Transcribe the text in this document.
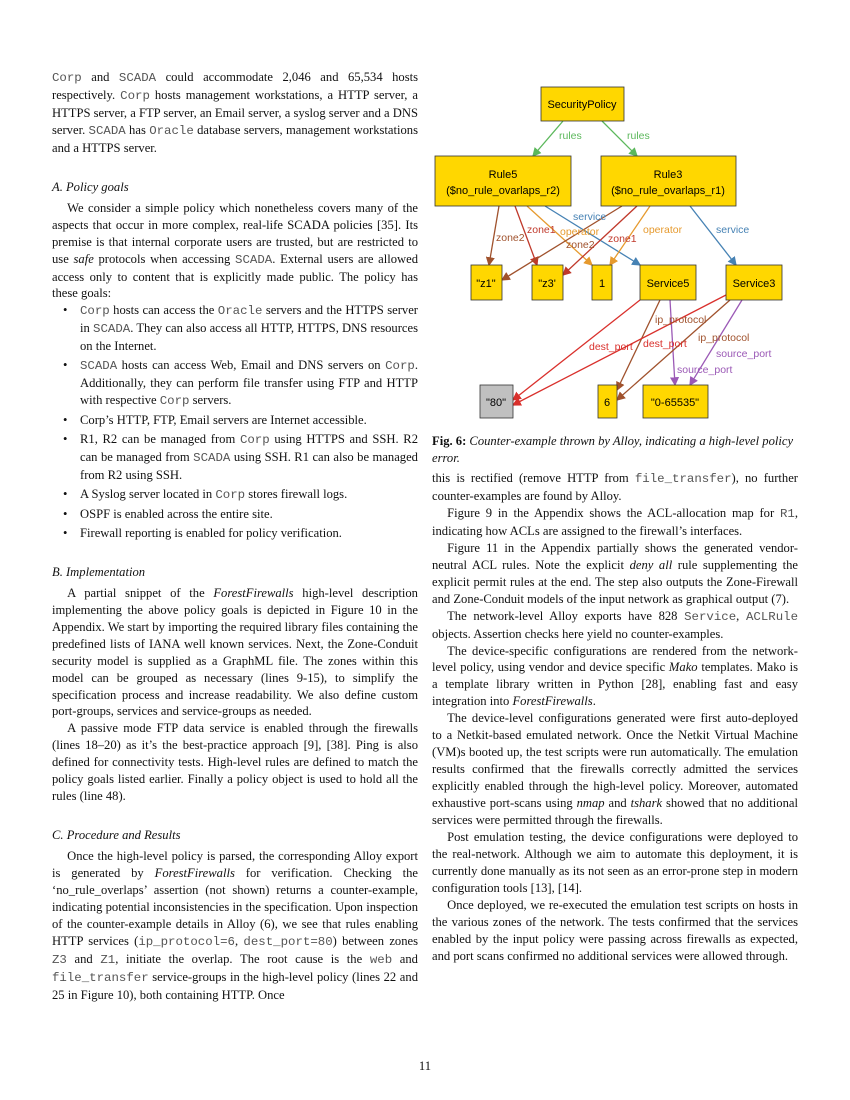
Corp and SCADA could accommodate 2,046 and 65,534 hosts respectively. Corp hosts management workstations, a HTTP server, a HTTPS server, a FTP server, an Email server, a syslog server and a DNS server. SCADA has Oracle database servers, management workstations and a HTTPS server.
A. Policy goals
We consider a simple policy which nonetheless covers many of the aspects that occur in more complex, real-life SCADA policies [35]. Its premise is that internal corporate users are trusted, but are restricted to use safe protocols when accessing SCADA. External users are allowed access only to content that is explicitly made public. The policy has these goals:
• Corp hosts can access the Oracle servers and the HTTPS server in SCADA. They can also access all HTTP, HTTPS, DNS resources on the Internet.
• SCADA hosts can access Web, Email and DNS servers on Corp. Additionally, they can perform file transfer using FTP and HTTP with respective Corp servers.
• Corp’s HTTP, FTP, Email servers are Internet accessible.
• R1, R2 can be managed from Corp using HTTPS and SSH. R2 can be managed from SCADA using SSH. R1 can also be managed from R2 using SSH.
• A Syslog server located in Corp stores firewall logs.
• OSPF is enabled across the entire site.
• Firewall reporting is enabled for policy verification.
B. Implementation
A partial snippet of the ForestFirewalls high-level description implementing the above policy goals is depicted in Figure 10 in the Appendix. We start by importing the required library files containing the predefined lists of IANA well known services. Next, the Zone-Conduit security model is supplied as a GraphML file. The zones within this model can be grouped as necessary (lines 9-15), to simplify the specification process and increase readability. We also define custom port-groups, services and service-groups as needed.
A passive mode FTP data service is enabled through the firewalls (lines 18–20) as it’s the best-practice approach [9], [38]. Ping is also defined for connectivity tests. High-level rules are defined to match the policy goals listed earlier. Finally a policy object is used to hold all the rules (line 48).
C. Procedure and Results
Once the high-level policy is parsed, the corresponding Alloy export is generated by ForestFirewalls for verification. Checking the ‘no_rule_overlaps’ assertion (not shown) returns a counter-example, indicating potential inconsistencies in the specification. Upon inspection of the counter-example details in Alloy (6), we see that rules enabling HTTP services (ip_protocol=6, dest_port=80) between zones Z3 and Z1, initiate the overlap. The root cause is the web and file_transfer service-groups in the high-level policy (lines 22 and 25 in Figure 10), both containing HTTP. Once
rules	rules
service
zone1 operator
zone2
zone2 zone1
operator	service
ip_protocol
ip_protocol
dest_port dest_port
source_port
source_port
SecurityPolicy
Rule5
($no_rule_ovarlaps_r2)
Rule3
($no_rule_ovarlaps_r1)
"z1"	"z3'	1	Service5	Service3
"80"	6	"0-65535"
Fig. 6: Counter-example thrown by Alloy, indicating a high-level policy error.
this is rectified (remove HTTP from file_transfer), no further counter-examples are found by Alloy.
Figure 9 in the Appendix shows the ACL-allocation map for R1, indicating how ACLs are assigned to the firewall’s interfaces.
Figure 11 in the Appendix partially shows the generated vendor-neutral ACL rules. Note the explicit deny all rule supplementing the explicit permit rules at the end. The step also outputs the Zone-Firewall and Zone-Conduit models of the input network as graphical output (7).
The network-level Alloy exports have 828 Service, ACLRule objects. Assertion checks here yield no counter-examples.
The device-specific configurations are rendered from the network-level policy, using vendor and device specific Mako templates. Mako is a template library written in Python [28], enabling fast and easy integration into ForestFirewalls.
The device-level configurations generated were first auto-deployed to a Netkit-based emulated network. Once the Netkit Virtual Machine (VM)s booted up, the test scripts were run automatically. The emulation results confirmed that the firewalls correctly admitted the services explicitly enabled through the high-level policy. Moreover, automated exhaustive port-scans using nmap and tshark showed that no additional services were permitted through the firewalls.
Post emulation testing, the device configurations were deployed to the real-network. Although we aim to automate this deployment, it is currently done manually as its not seen as an error-prone step in modern configuration tools [13], [14].
Once deployed, we re-executed the emulation test scripts on hosts in the various zones of the network. The tests confirmed that the services enabled by the input policy were passing across firewalls as expected, and port scans confirmed no additional services were allowed through.
11
